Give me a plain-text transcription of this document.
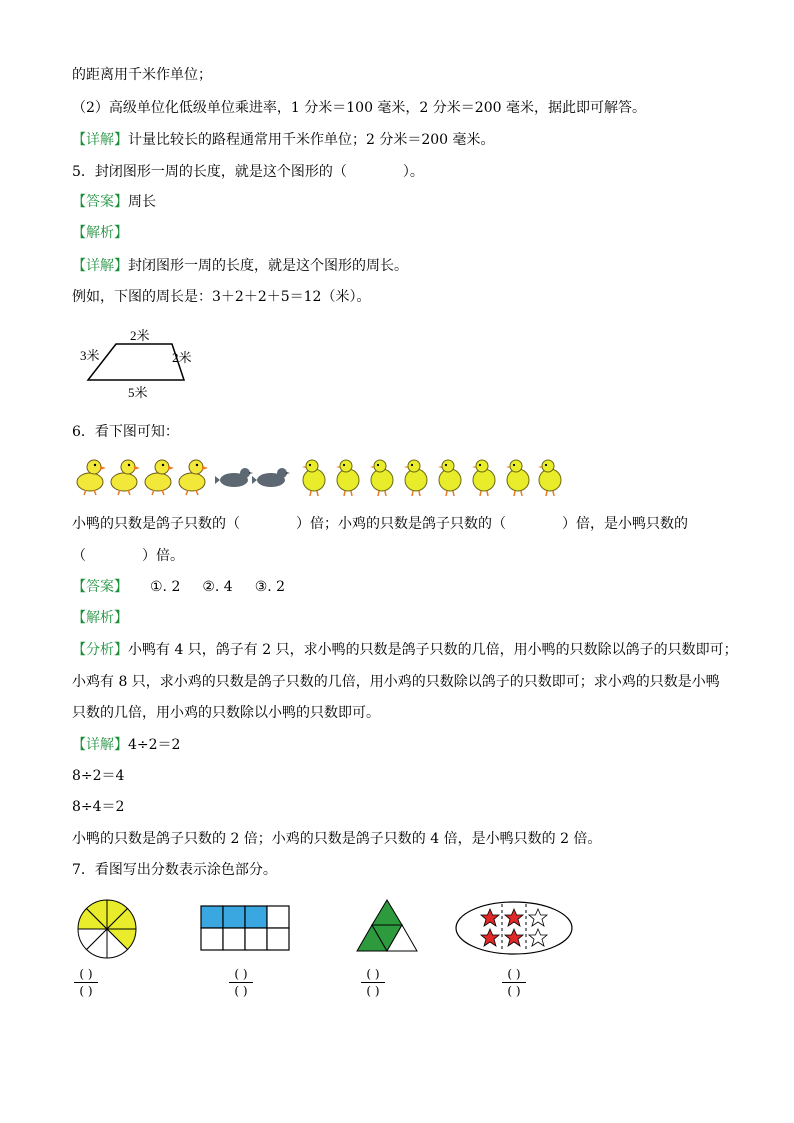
的距离用千米作单位；
（2）高级单位化低级单位乘进率，1 分米＝100 毫米，2 分米＝200 毫米，据此即可解答。
【详解】计量比较长的路程通常用千米作单位；2 分米＝200 毫米。
5．封闭图形一周的长度，就是这个图形的（　　　　）。
【答案】周长
【解析】
【详解】封闭图形一周的长度，就是这个图形的周长。
例如，下图的周长是：3＋2＋2＋5＝12（米）。
2米
3米	2米
5米
6．看下图可知：
小鸭的只数是鸽子只数的（　　　　）倍；小鸡的只数是鸽子只数的（　　　　）倍，是小鸭只数的
（　　　　）倍。
【答案】 ①. 2 ②. 4 ③. 2
【解析】
【分析】小鸭有 4 只，鸽子有 2 只，求小鸭的只数是鸽子只数的几倍，用小鸭的只数除以鸽子的只数即可；
小鸡有 8 只，求小鸡的只数是鸽子只数的几倍，用小鸡的只数除以鸽子的只数即可；求小鸡的只数是小鸭
只数的几倍，用小鸡的只数除以小鸭的只数即可。
【详解】4÷2＝2
8÷2＝4
8÷4＝2
小鸭的只数是鸽子只数的 2 倍；小鸡的只数是鸽子只数的 4 倍，是小鸭只数的 2 倍。
7．看图写出分数表示涂色部分。
( )
( )
( )
( )
( )
( )
( )
( )
